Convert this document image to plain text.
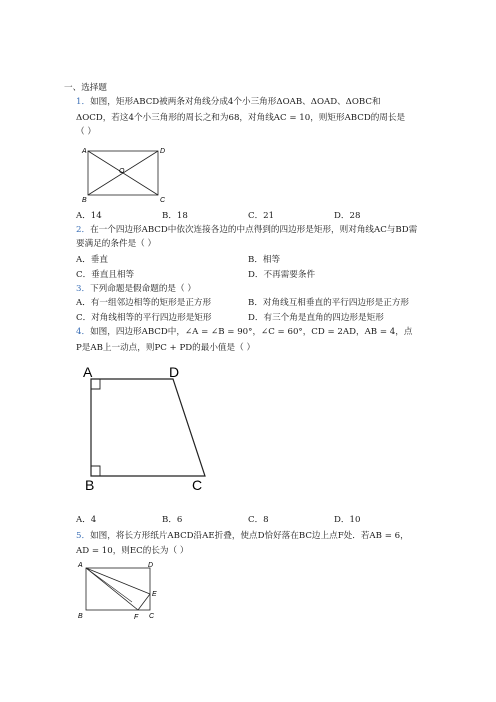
一、选择题
1．如图，矩形ABCD被两条对角线分成4个小三角形ΔOAB、ΔOAD、ΔOBC和
ΔOCD，若这4个小三角形的周长之和为68，对角线AC = 10，则矩形ABCD的周长是
（ ）
A	D
O
B	C
A．14	B．18	C．21	D．28
2．在一个四边形ABCD中依次连接各边的中点得到的四边形是矩形，则对角线AC与BD需
要满足的条件是（ ）
A．垂直	B．相等
C．垂直且相等	D．不再需要条件
3．下列命题是假命题的是（ ）
A．有一组邻边相等的矩形是正方形	B．对角线互相垂直的平行四边形是正方形
C．对角线相等的平行四边形是矩形	D．有三个角是直角的四边形是矩形
4．如图，四边形ABCD中，∠A = ∠B = 90°，∠C = 60°，CD = 2AD，AB = 4，点
P是AB上一动点，则PC + PD的最小值是（ ）
A	D
B	C
A．4	B．6	C．8	D．10
5．如图，将长方形纸片ABCD沿AE折叠，使点D恰好落在BC边上点F处．若AB = 6，
AD = 10，则EC的长为（ ）
A	D
E
B	F C
